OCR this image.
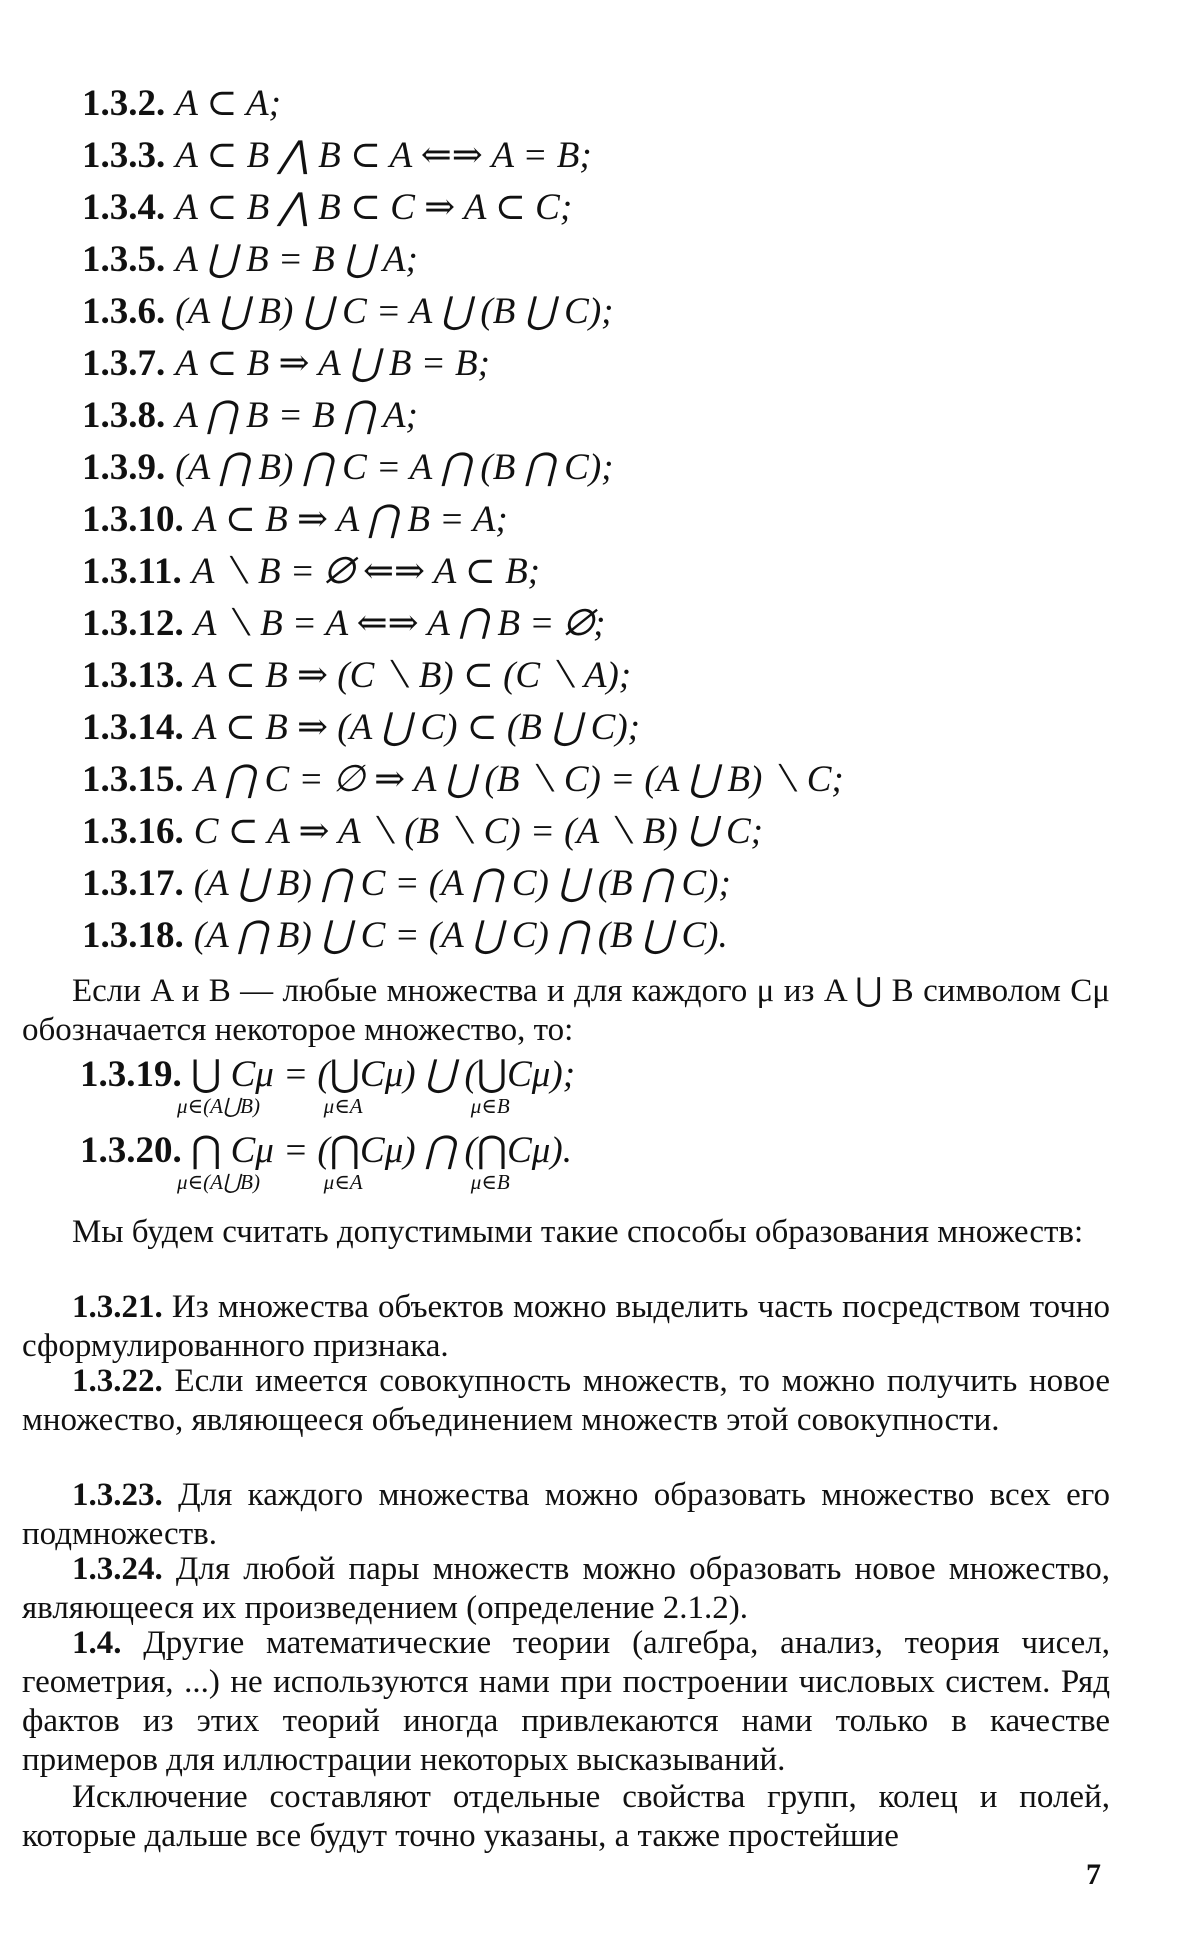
1.3.2. A ⊂ A;
1.3.3. A ⊂ B ⋀ B ⊂ A ⇐⇒ A = B;
1.3.4. A ⊂ B ⋀ B ⊂ C ⇒ A ⊂ C;
1.3.5. A ⋃ B = B ⋃ A;
1.3.6. (A ⋃ B) ⋃ C = A ⋃ (B ⋃ C);
1.3.7. A ⊂ B ⇒ A ⋃ B = B;
1.3.8. A ⋂ B = B ⋂ A;
1.3.9. (A ⋂ B) ⋂ C = A ⋂ (B ⋂ C);
1.3.10. A ⊂ B ⇒ A ⋂ B = A;
1.3.11. A ⟍ B = ∅ ⇐⇒ A ⊂ B;
1.3.12. A ⟍ B = A ⇐⇒ A ⋂ B = ∅;
1.3.13. A ⊂ B ⇒ (C ⟍ B) ⊂ (C ⟍ A);
1.3.14. A ⊂ B ⇒ (A ⋃ C) ⊂ (B ⋃ C);
1.3.15. A ⋂ C = ∅ ⇒ A ⋃ (B ⟍ C) = (A ⋃ B) ⟍ C;
1.3.16. C ⊂ A ⇒ A ⟍ (B ⟍ C) = (A ⟍ B) ⋃ C;
1.3.17. (A ⋃ B) ⋂ C = (A ⋂ C) ⋃ (B ⋂ C);
1.3.18. (A ⋂ B) ⋃ C = (A ⋃ C) ⋂ (B ⋃ C).

Если A и B — любые множества и для каждого μ из A ⋃ B символом Cμ обозначается некоторое множество, то:

1.3.19. ⋃
μ∈(A⋃B)
Cμ = (⋃
μ∈A
Cμ) ⋃ (⋃
μ∈B
Cμ);
1.3.20. ⋂
μ∈(A⋃B)
Cμ = (⋂
μ∈A
Cμ) ⋂ (⋂
μ∈B
Cμ).

Мы будем считать допустимыми такие способы образования множеств:

1.3.21. Из множества объектов можно выделить часть посредством точно сформулированного признака.

1.3.22. Если имеется совокупность множеств, то можно получить новое множество, являющееся объединением множеств этой совокупности.

1.3.23. Для каждого множества можно образовать множество всех его подмножеств.

1.3.24. Для любой пары множеств можно образовать новое множество, являющееся их произведением (определение 2.1.2).

1.4. Другие математические теории (алгебра, анализ, теория чисел, геометрия, ...) не используются нами при построении числовых систем. Ряд фактов из этих теорий иногда привлекаются нами только в качестве примеров для иллюстрации некоторых высказываний.

Исключение составляют отдельные свойства групп, колец и полей, которые дальше все будут точно указаны, а также простейшие

7
